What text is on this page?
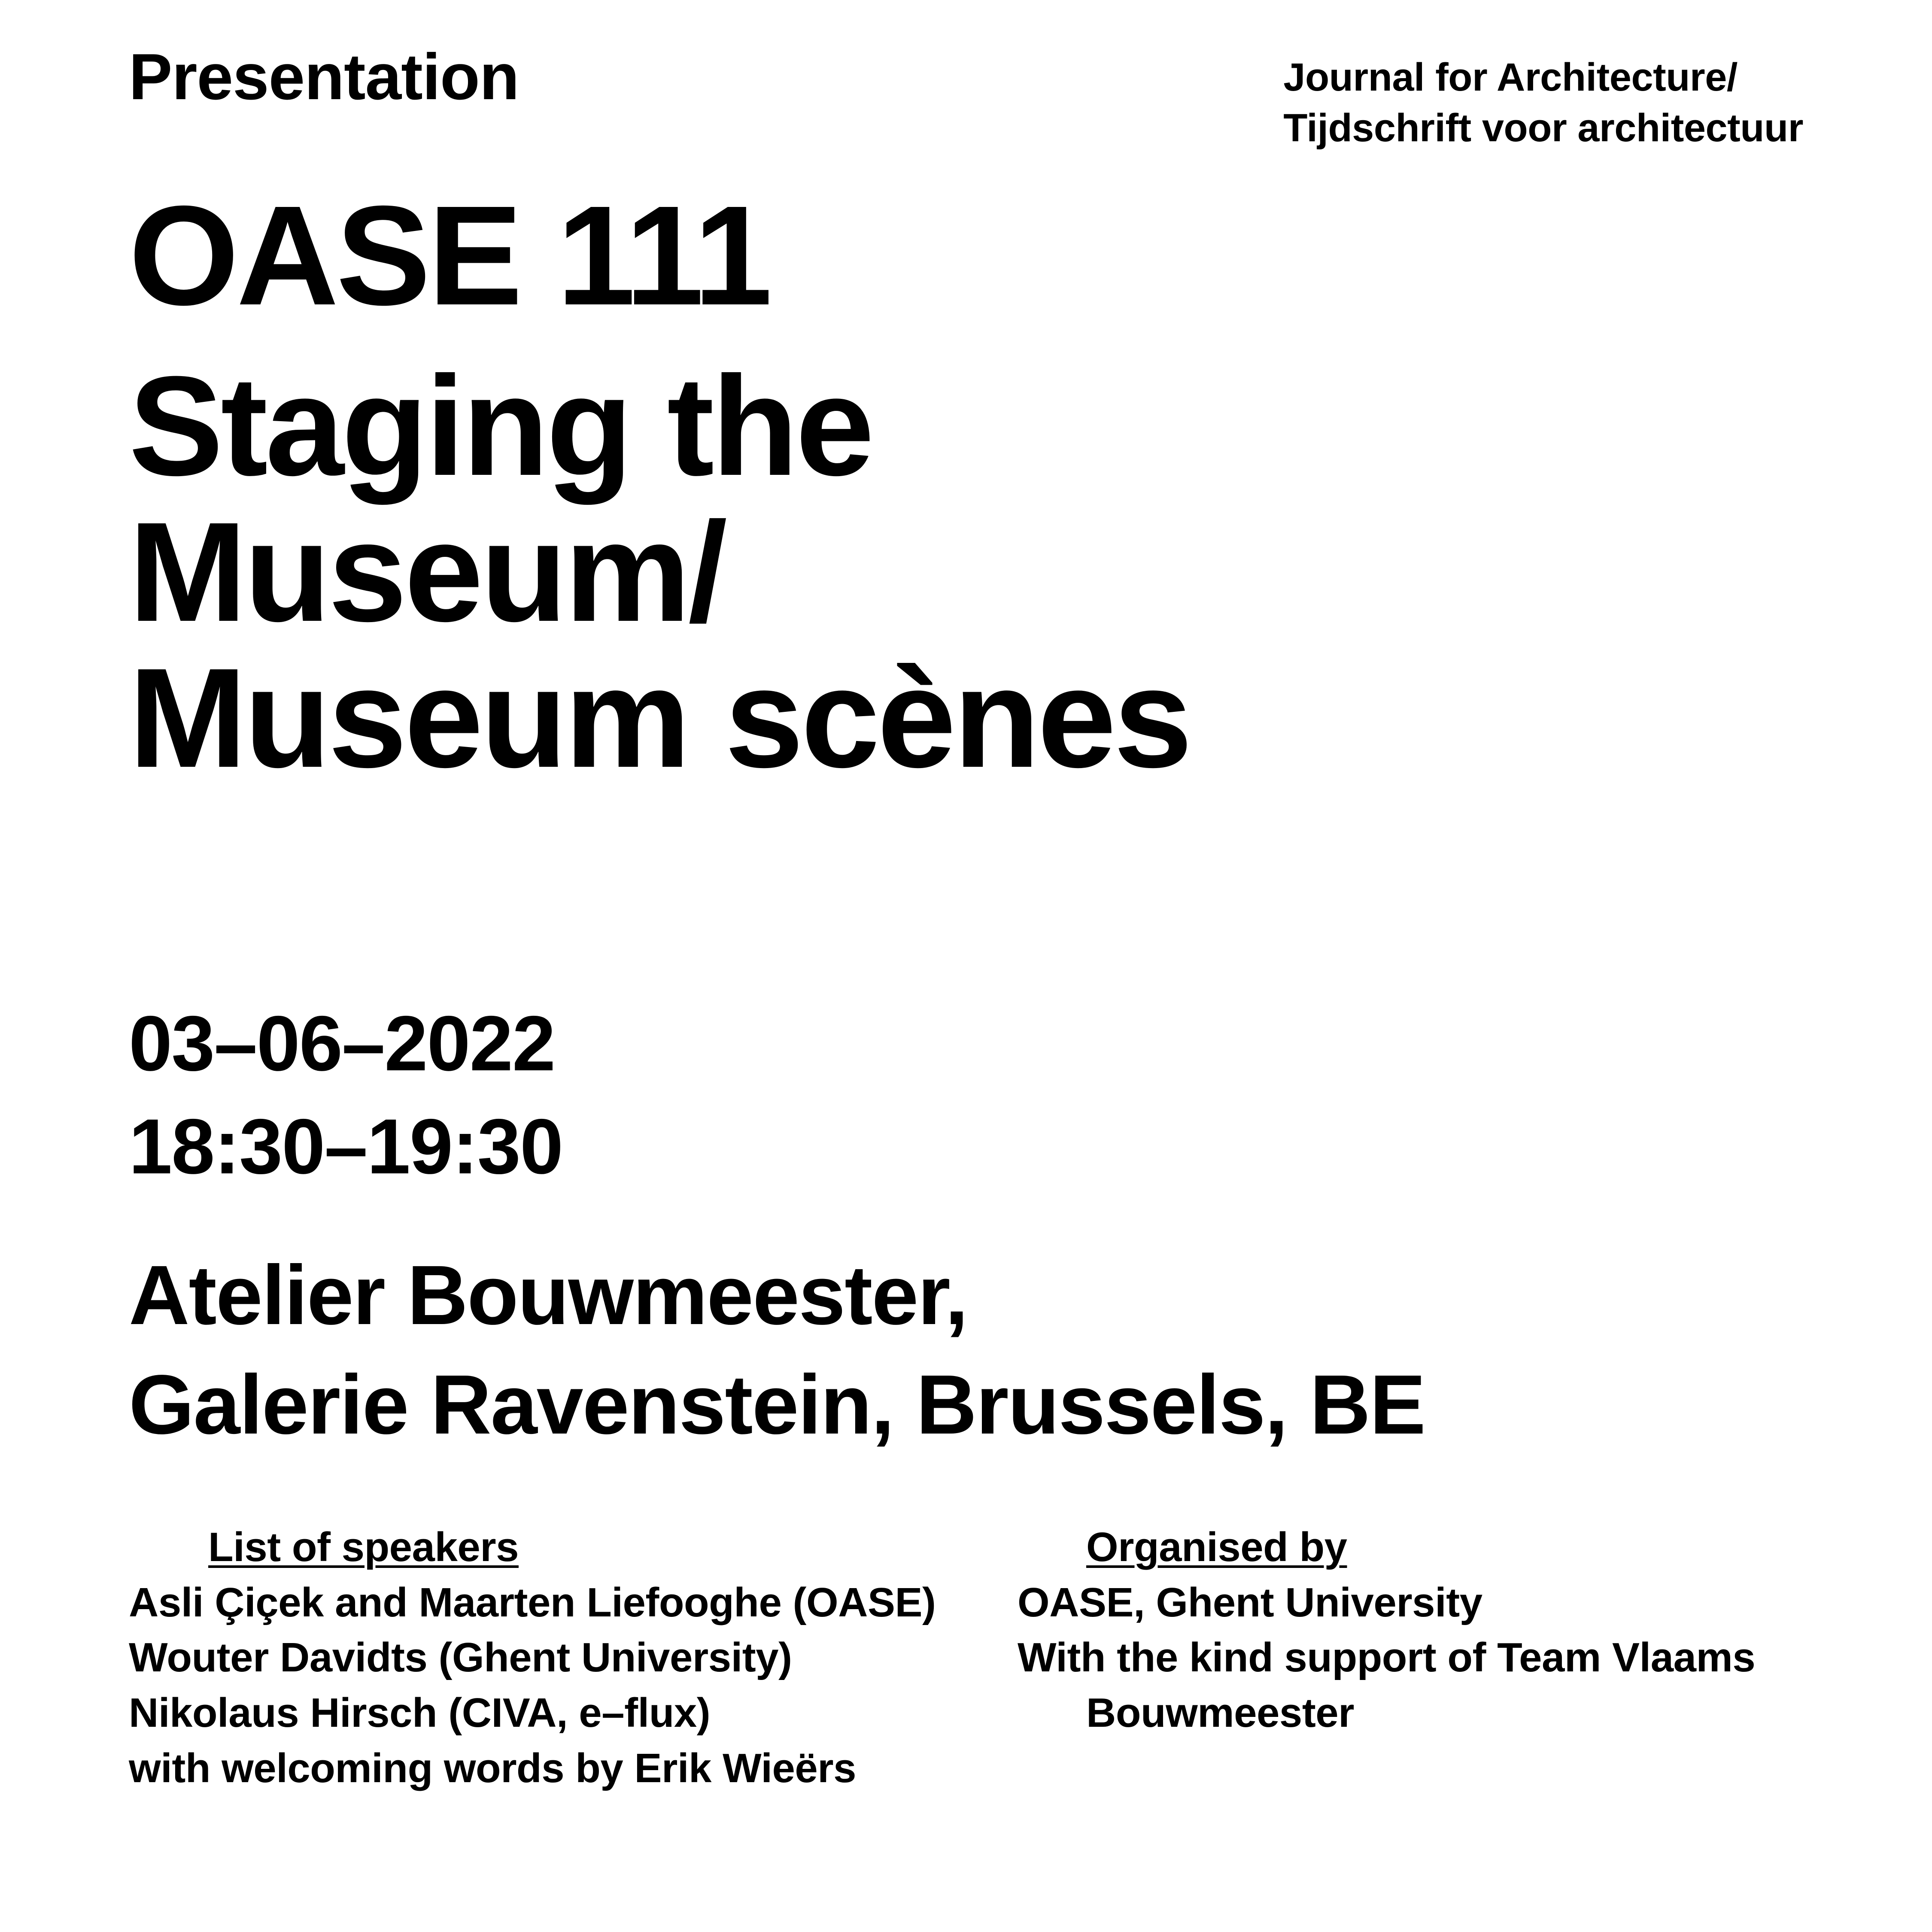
Presentation	Journal for Architecture/
Tijdschrift voor architectuur
OASE 111
Staging the
Museum/
Museum scènes
03–06–2022
18:30–19:30
Atelier Bouwmeester,
Galerie Ravenstein, Brussels, BE
List of speakers
Asli Çiçek and Maarten Liefooghe (OASE)
Wouter Davidts (Ghent University)
Nikolaus Hirsch (CIVA, e–flux)
with welcoming words by Erik Wieërs
Organised by
OASE, Ghent University
With the kind support of Team Vlaams
Bouwmeester
